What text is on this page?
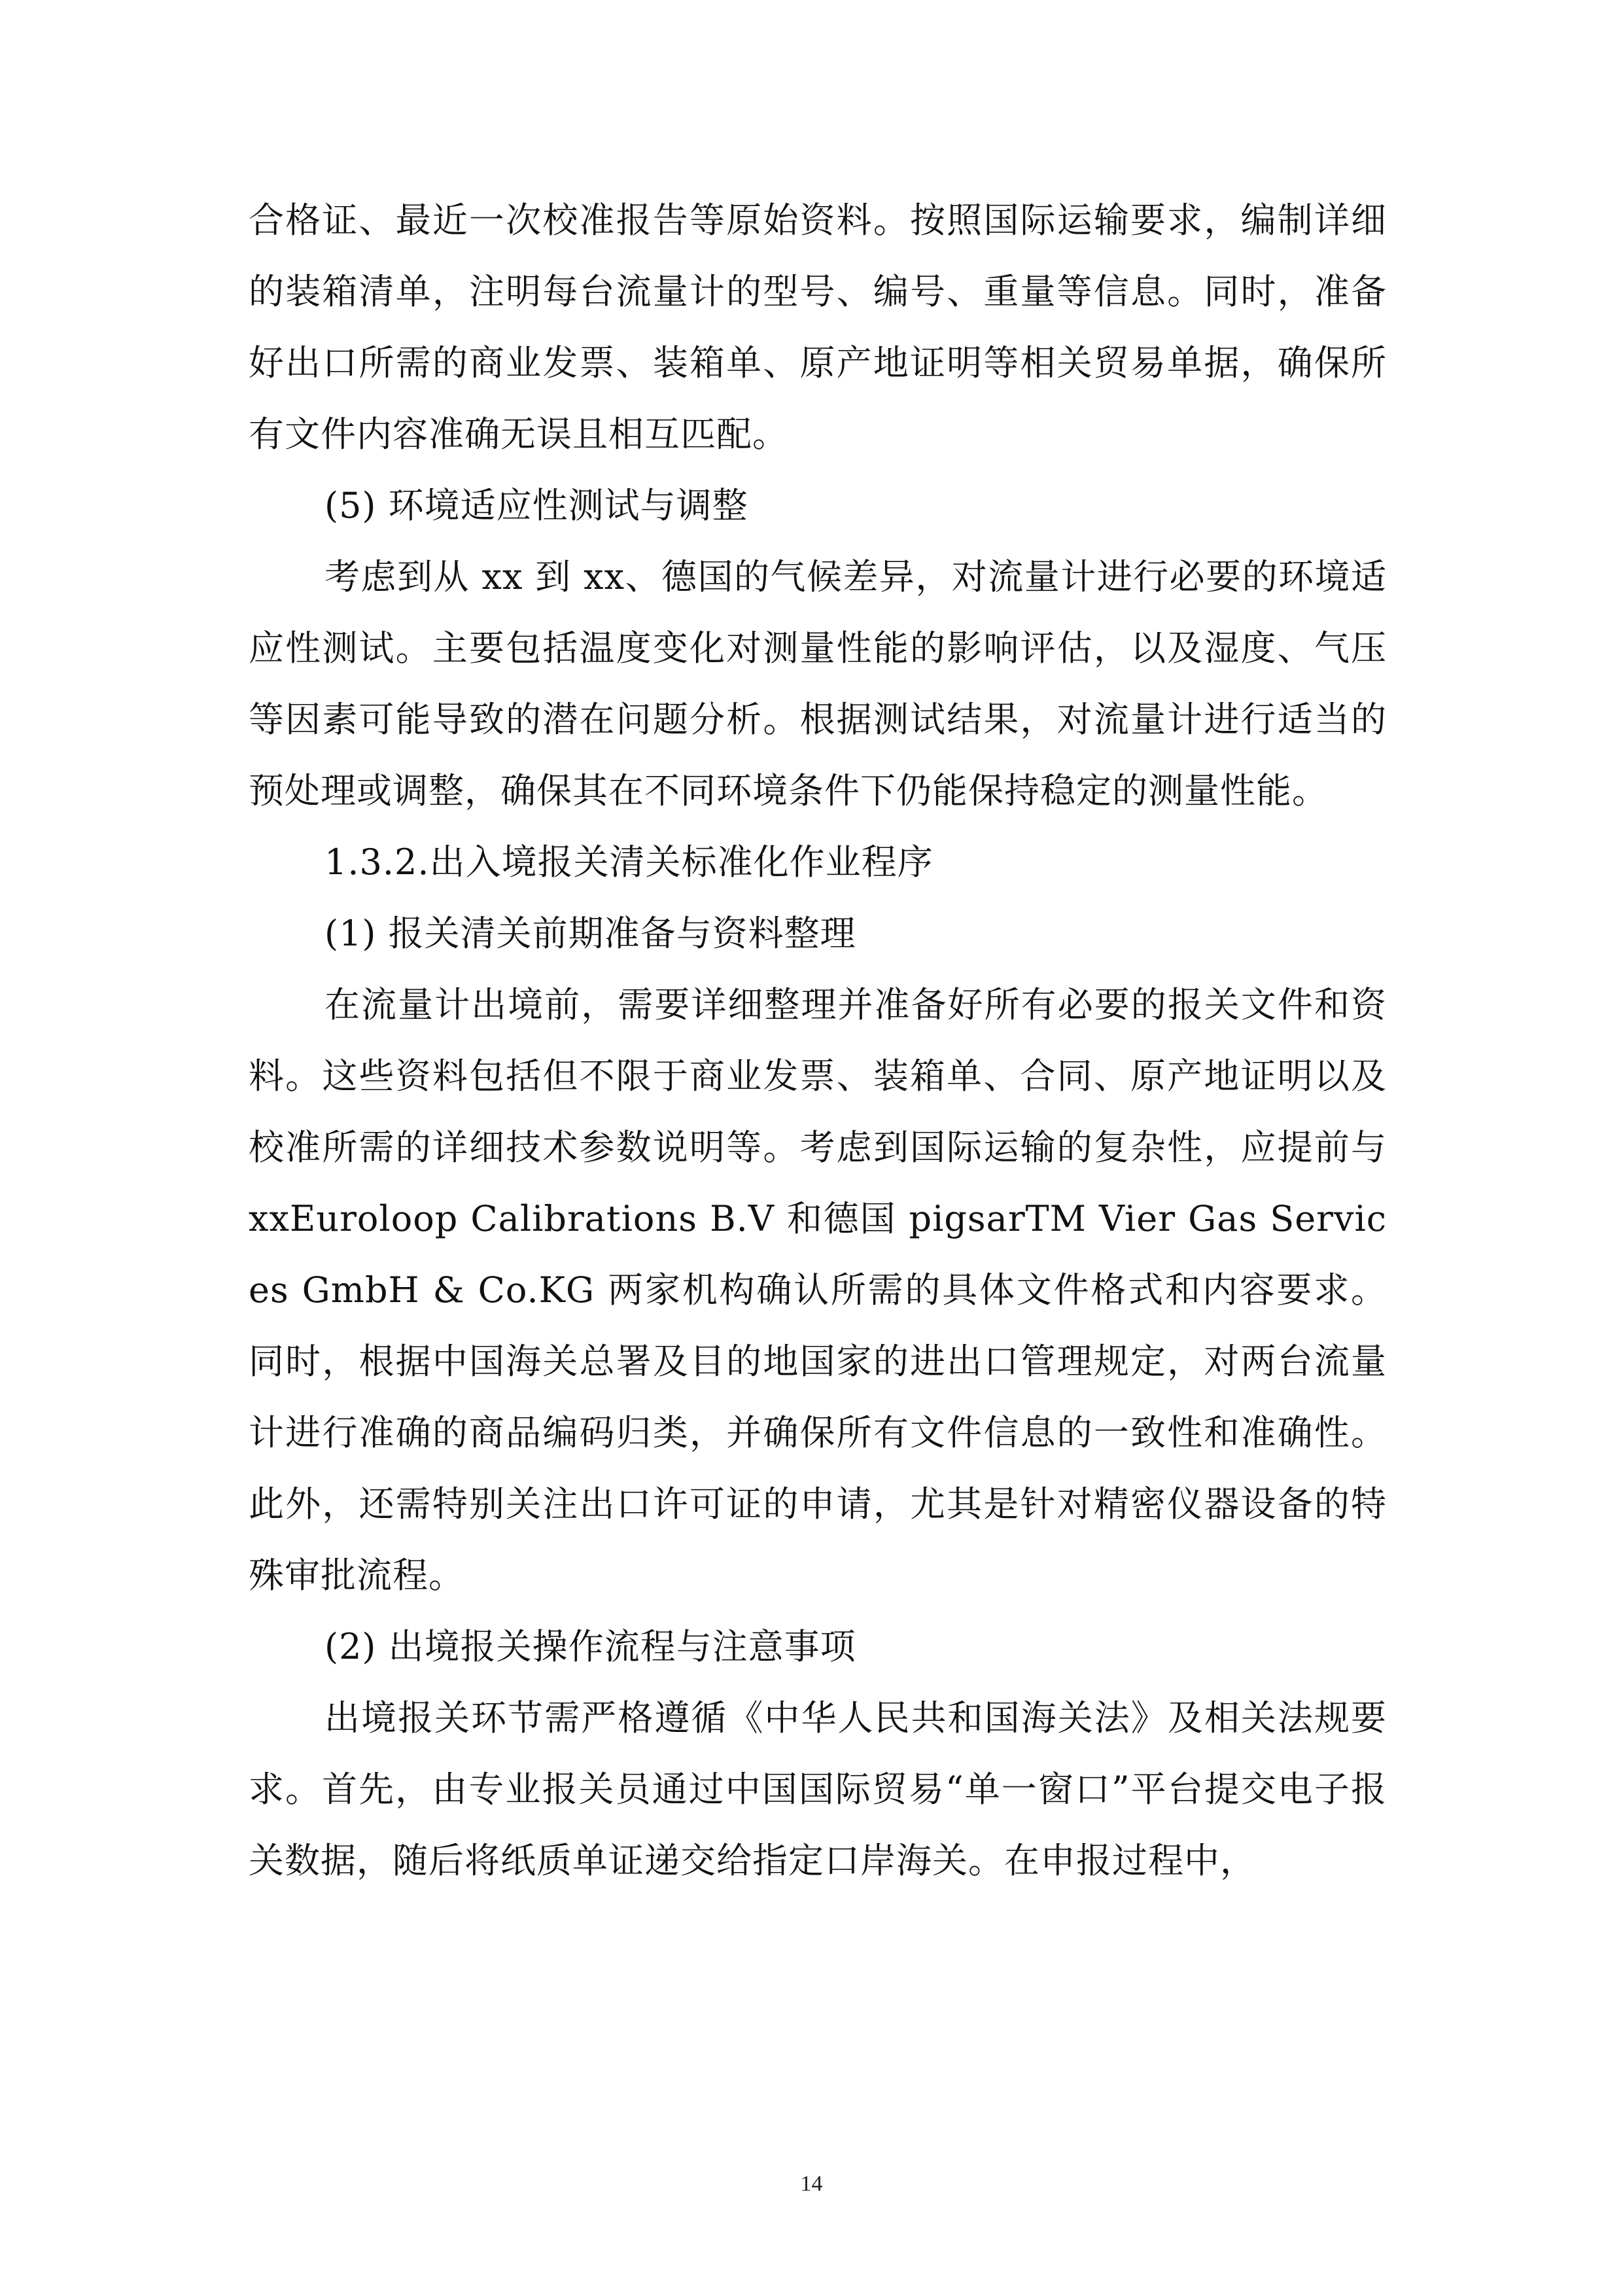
合格证、最近一次校准报告等原始资料。按照国际运输要求，编制详细的装箱清单，注明每台流量计的型号、编号、重量等信息。同时，准备好出口所需的商业发票、装箱单、原产地证明等相关贸易单据，确保所有文件内容准确无误且相互匹配。

(5) 环境适应性测试与调整

考虑到从 xx 到 xx、德国的气候差异，对流量计进行必要的环境适应性测试。主要包括温度变化对测量性能的影响评估，以及湿度、气压等因素可能导致的潜在问题分析。根据测试结果，对流量计进行适当的预处理或调整，确保其在不同环境条件下仍能保持稳定的测量性能。

1.3.2.出入境报关清关标准化作业程序

(1) 报关清关前期准备与资料整理

在流量计出境前，需要详细整理并准备好所有必要的报关文件和资料。这些资料包括但不限于商业发票、装箱单、合同、原产地证明以及校准所需的详细技术参数说明等。考虑到国际运输的复杂性，应提前与 xxEuroloop Calibrations B.V 和德国 pigsarTM Vier Gas Services GmbH & Co.KG 两家机构确认所需的具体文件格式和内容要求。同时，根据中国海关总署及目的地国家的进出口管理规定，对两台流量计进行准确的商品编码归类，并确保所有文件信息的一致性和准确性。此外，还需特别关注出口许可证的申请，尤其是针对精密仪器设备的特殊审批流程。

(2) 出境报关操作流程与注意事项

出境报关环节需严格遵循《中华人民共和国海关法》及相关法规要求。首先，由专业报关员通过中国国际贸易“单一窗口”平台提交电子报关数据，随后将纸质单证递交给指定口岸海关。在申报过程中，

14
